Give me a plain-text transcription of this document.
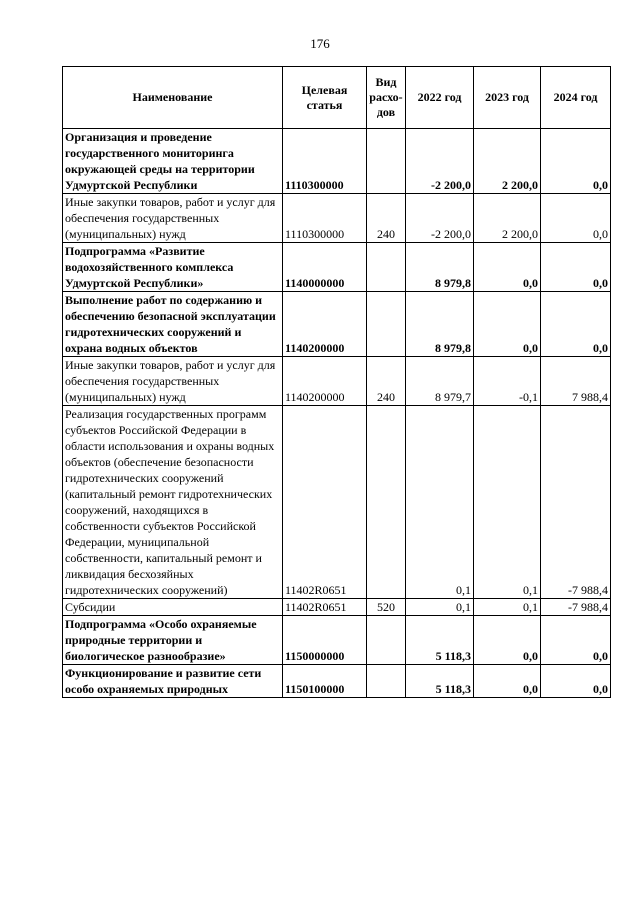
176
Наименование	Целевая статья	Вид расхо-дов	2022 год	2023 год	2024 год
Организация и проведение государственного мониторинга окружающей среды на территории Удмуртской Республики	1110300000		-2 200,0	2 200,0	0,0
Иные закупки товаров, работ и услуг для обеспечения государственных (муниципальных) нужд	1110300000	240	-2 200,0	2 200,0	0,0
Подпрограмма «Развитие водохозяйственного комплекса Удмуртской Республики»	1140000000		8 979,8	0,0	0,0
Выполнение работ по содержанию и обеспечению безопасной эксплуатации гидротехнических сооружений и охрана водных объектов	1140200000		8 979,8	0,0	0,0
Иные закупки товаров, работ и услуг для обеспечения государственных (муниципальных) нужд	1140200000	240	8 979,7	-0,1	7 988,4
Реализация государственных программ субъектов Российской Федерации в области использования и охраны водных объектов (обеспечение безопасности гидротехнических сооружений (капитальный ремонт гидротехнических сооружений, находящихся в собственности субъектов Российской Федерации, муниципальной собственности, капитальный ремонт и ликвидация бесхозяйных гидротехнических сооружений)	11402R0651		0,1	0,1	-7 988,4
Субсидии	11402R0651	520	0,1	0,1	-7 988,4
Подпрограмма «Особо охраняемые природные территории и биологическое разнообразие»	1150000000		5 118,3	0,0	0,0
Функционирование и развитие сети особо охраняемых природных	1150100000		5 118,3	0,0	0,0
